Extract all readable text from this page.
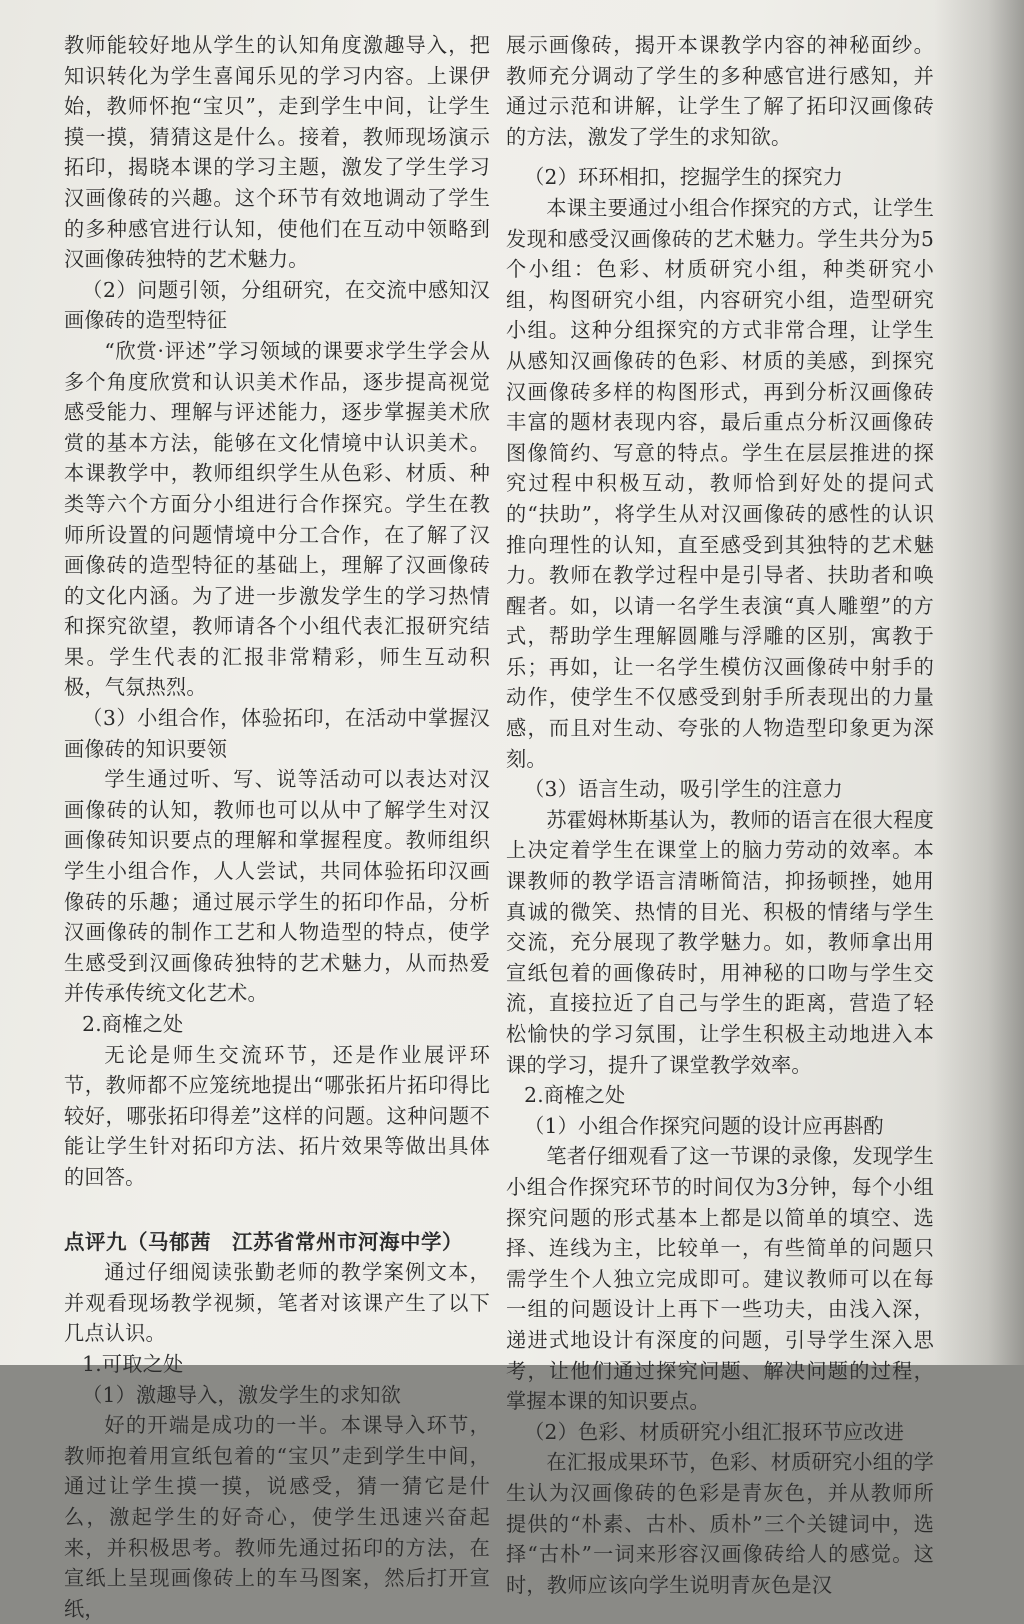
教师能较好地从学生的认知角度激趣导入，把知识转化为学生喜闻乐见的学习内容。上课伊始，教师怀抱“宝贝”，走到学生中间，让学生摸一摸，猜猜这是什么。接着，教师现场演示拓印，揭晓本课的学习主题，激发了学生学习汉画像砖的兴趣。这个环节有效地调动了学生的多种感官进行认知，使他们在互动中领略到汉画像砖独特的艺术魅力。

（2）问题引领，分组研究，在交流中感知汉画像砖的造型特征

“欣赏·评述”学习领域的课要求学生学会从多个角度欣赏和认识美术作品，逐步提高视觉感受能力、理解与评述能力，逐步掌握美术欣赏的基本方法，能够在文化情境中认识美术。本课教学中，教师组织学生从色彩、材质、种类等六个方面分小组进行合作探究。学生在教师所设置的问题情境中分工合作，在了解了汉画像砖的造型特征的基础上，理解了汉画像砖的文化内涵。为了进一步激发学生的学习热情和探究欲望，教师请各个小组代表汇报研究结果。学生代表的汇报非常精彩，师生互动积极，气氛热烈。

（3）小组合作，体验拓印，在活动中掌握汉画像砖的知识要领

学生通过听、写、说等活动可以表达对汉画像砖的认知，教师也可以从中了解学生对汉画像砖知识要点的理解和掌握程度。教师组织学生小组合作，人人尝试，共同体验拓印汉画像砖的乐趣；通过展示学生的拓印作品，分析汉画像砖的制作工艺和人物造型的特点，使学生感受到汉画像砖独特的艺术魅力，从而热爱并传承传统文化艺术。

2.商榷之处

无论是师生交流环节，还是作业展评环节，教师都不应笼统地提出“哪张拓片拓印得比较好，哪张拓印得差”这样的问题。这种问题不能让学生针对拓印方法、拓片效果等做出具体的回答。

点评九（马郁茜　江苏省常州市河海中学）

通过仔细阅读张勤老师的教学案例文本，并观看现场教学视频，笔者对该课产生了以下几点认识。

1.可取之处

（1）激趣导入，激发学生的求知欲

好的开端是成功的一半。本课导入环节，教师抱着用宣纸包着的“宝贝”走到学生中间，通过让学生摸一摸，说感受，猜一猜它是什么，激起学生的好奇心，使学生迅速兴奋起来，并积极思考。教师先通过拓印的方法，在宣纸上呈现画像砖上的车马图案，然后打开宣纸，

展示画像砖，揭开本课教学内容的神秘面纱。教师充分调动了学生的多种感官进行感知，并通过示范和讲解，让学生了解了拓印汉画像砖的方法，激发了学生的求知欲。

（2）环环相扣，挖掘学生的探究力

本课主要通过小组合作探究的方式，让学生发现和感受汉画像砖的艺术魅力。学生共分为5个小组：色彩、材质研究小组，种类研究小组，构图研究小组，内容研究小组，造型研究小组。这种分组探究的方式非常合理，让学生从感知汉画像砖的色彩、材质的美感，到探究汉画像砖多样的构图形式，再到分析汉画像砖丰富的题材表现内容，最后重点分析汉画像砖图像简约、写意的特点。学生在层层推进的探究过程中积极互动，教师恰到好处的提问式的“扶助”，将学生从对汉画像砖的感性的认识推向理性的认知，直至感受到其独特的艺术魅力。教师在教学过程中是引导者、扶助者和唤醒者。如，以请一名学生表演“真人雕塑”的方式，帮助学生理解圆雕与浮雕的区别，寓教于乐；再如，让一名学生模仿汉画像砖中射手的动作，使学生不仅感受到射手所表现出的力量感，而且对生动、夸张的人物造型印象更为深刻。

（3）语言生动，吸引学生的注意力

苏霍姆林斯基认为，教师的语言在很大程度上决定着学生在课堂上的脑力劳动的效率。本课教师的教学语言清晰简洁，抑扬顿挫，她用真诚的微笑、热情的目光、积极的情绪与学生交流，充分展现了教学魅力。如，教师拿出用宣纸包着的画像砖时，用神秘的口吻与学生交流，直接拉近了自己与学生的距离，营造了轻松愉快的学习氛围，让学生积极主动地进入本课的学习，提升了课堂教学效率。

2.商榷之处

（1）小组合作探究问题的设计应再斟酌

笔者仔细观看了这一节课的录像，发现学生小组合作探究环节的时间仅为3分钟，每个小组探究问题的形式基本上都是以简单的填空、选择、连线为主，比较单一，有些简单的问题只需学生个人独立完成即可。建议教师可以在每一组的问题设计上再下一些功夫，由浅入深，递进式地设计有深度的问题，引导学生深入思考，让他们通过探究问题、解决问题的过程，掌握本课的知识要点。

（2）色彩、材质研究小组汇报环节应改进

在汇报成果环节，色彩、材质研究小组的学生认为汉画像砖的色彩是青灰色，并从教师所提供的“朴素、古朴、质朴”三个关键词中，选择“古朴”一词来形容汉画像砖给人的感觉。这时，教师应该向学生说明青灰色是汉
